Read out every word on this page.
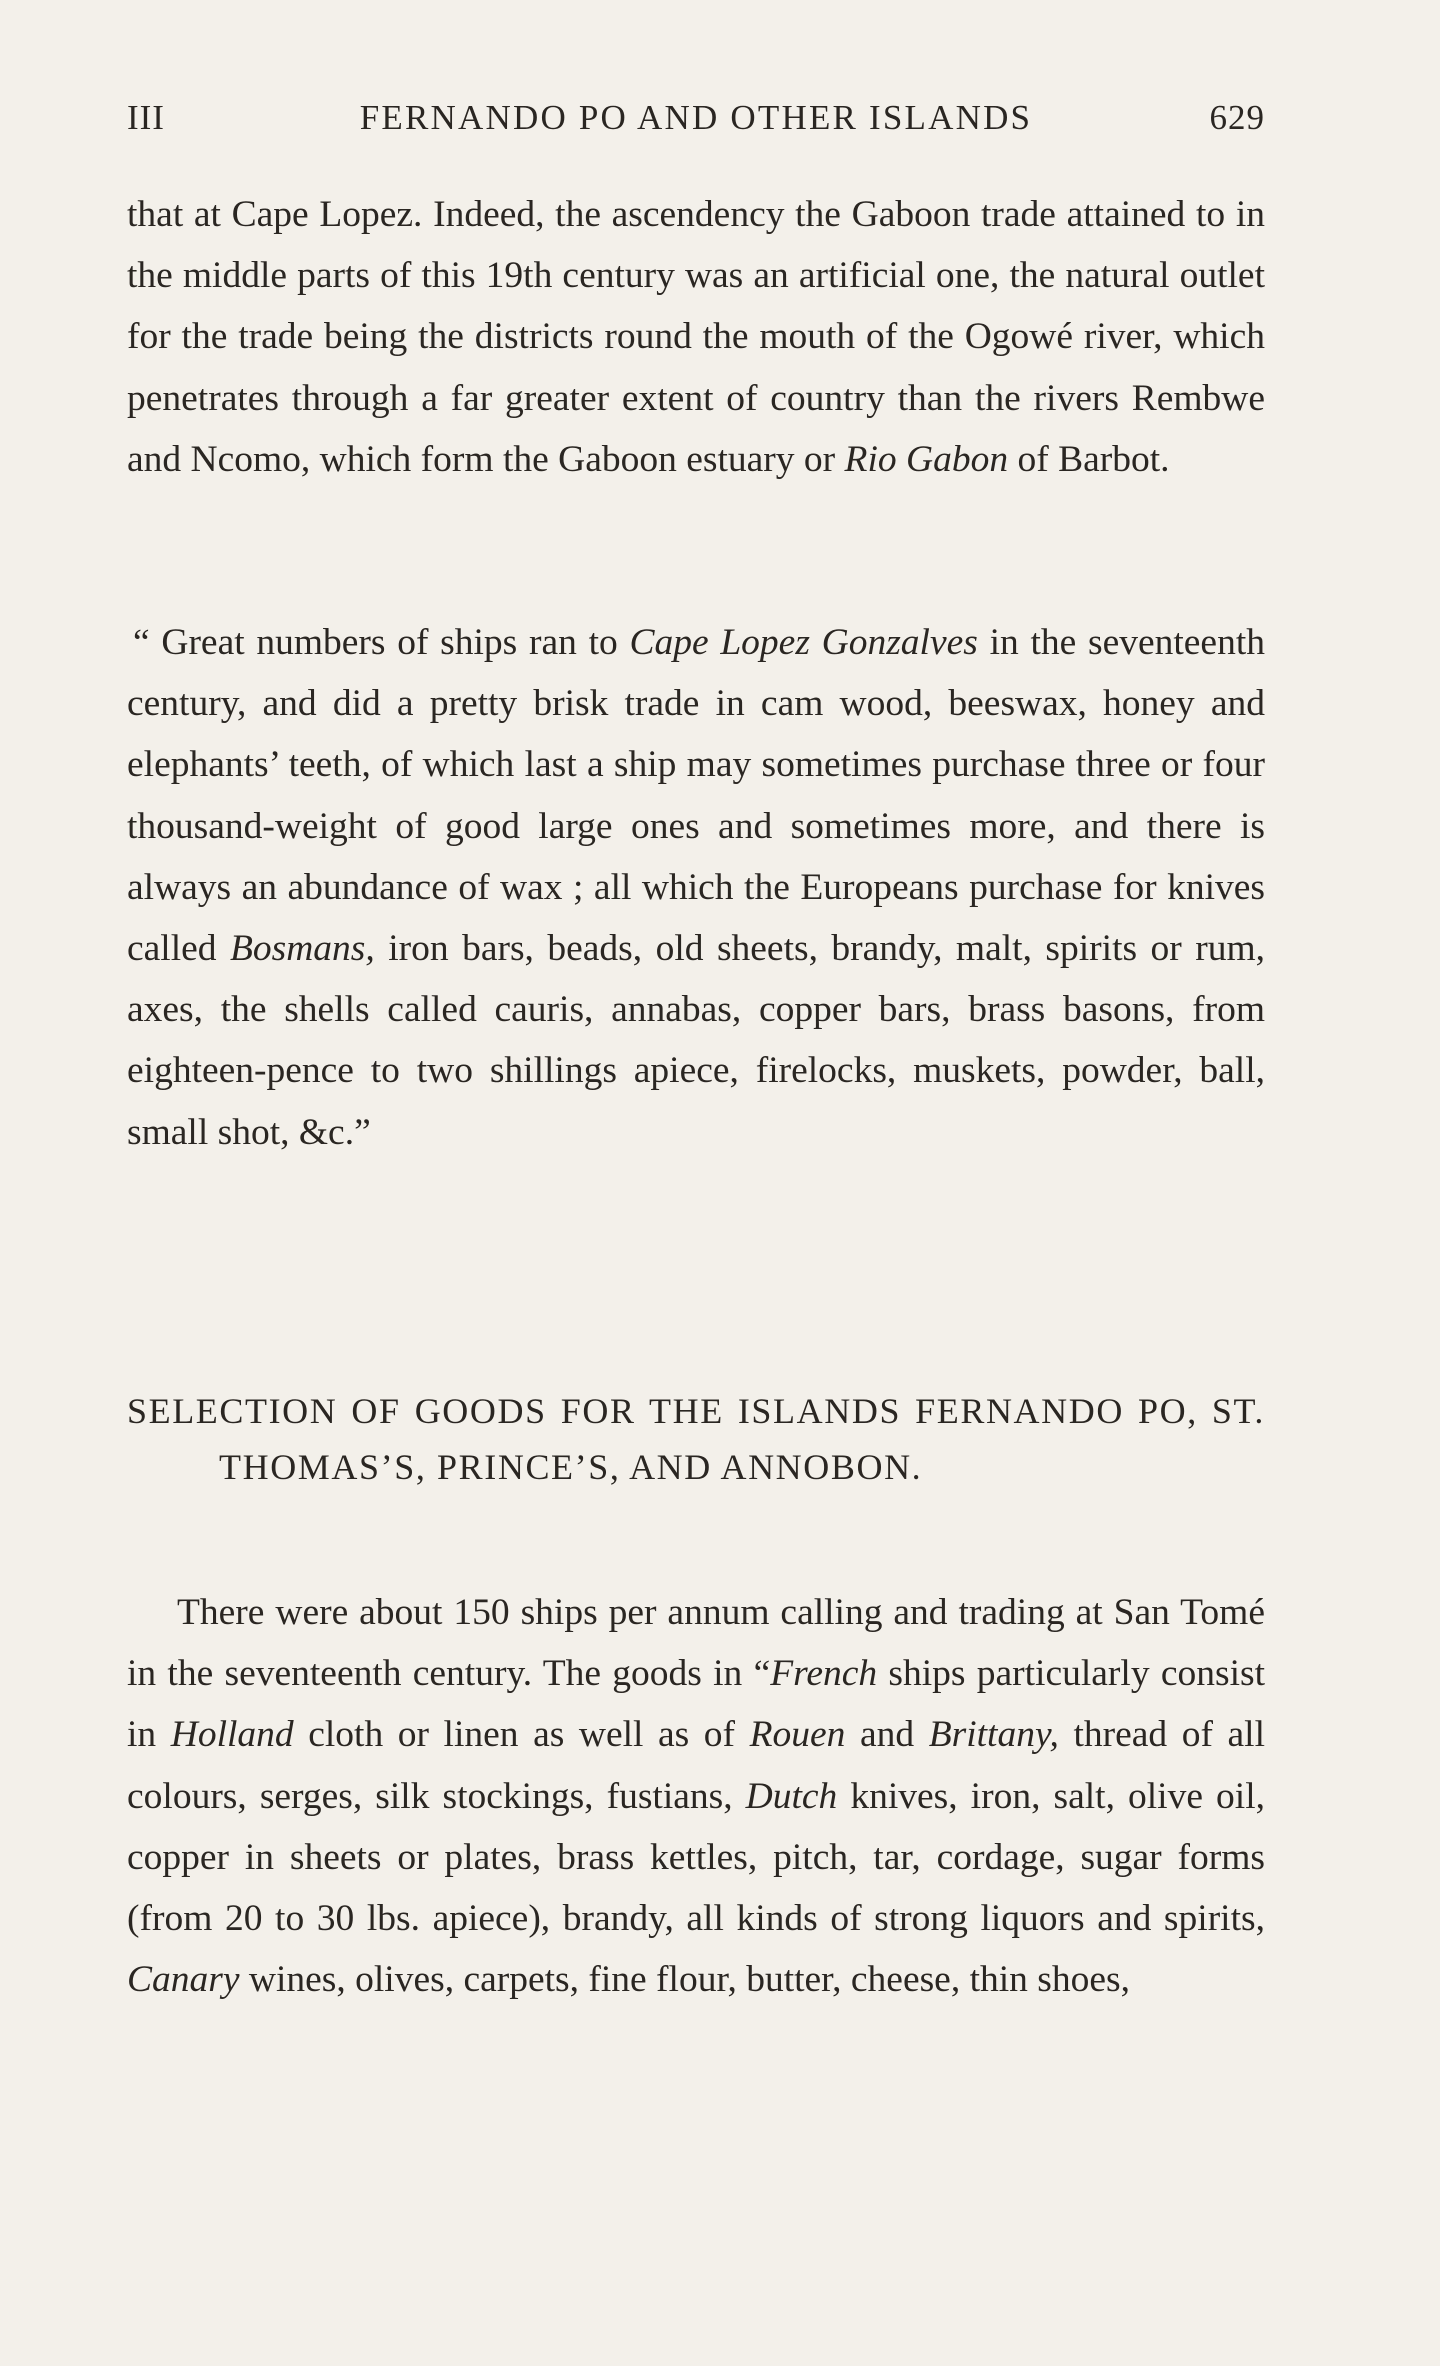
III	FERNANDO PO AND OTHER ISLANDS	629

that at Cape Lopez. Indeed, the ascendency the Gaboon trade attained to in the middle parts of this 19th century was an artificial one, the natural outlet for the trade being the districts round the mouth of the Ogowé river, which penetrates through a far greater extent of country than the rivers Rembwe and Ncomo, which form the Gaboon estuary or Rio Gabon of Barbot.

“ Great numbers of ships ran to Cape Lopez Gonzalves in the seventeenth century, and did a pretty brisk trade in cam wood, beeswax, honey and elephants’ teeth, of which last a ship may sometimes purchase three or four thousand-weight of good large ones and sometimes more, and there is always an abundance of wax ; all which the Europeans purchase for knives called Bosmans, iron bars, beads, old sheets, brandy, malt, spirits or rum, axes, the shells called cauris, annabas, copper bars, brass basons, from eighteen-pence to two shillings apiece, firelocks, muskets, powder, ball, small shot, &c.”

SELECTION OF GOODS FOR THE ISLANDS FERNANDO PO, ST. THOMAS’S, PRINCE’S, AND ANNOBON.

There were about 150 ships per annum calling and trading at San Tomé in the seventeenth century. The goods in “French ships particularly consist in Holland cloth or linen as well as of Rouen and Brittany, thread of all colours, serges, silk stockings, fustians, Dutch knives, iron, salt, olive oil, copper in sheets or plates, brass kettles, pitch, tar, cordage, sugar forms (from 20 to 30 lbs. apiece), brandy, all kinds of strong liquors and spirits, Canary wines, olives, carpets, fine flour, butter, cheese, thin shoes,
